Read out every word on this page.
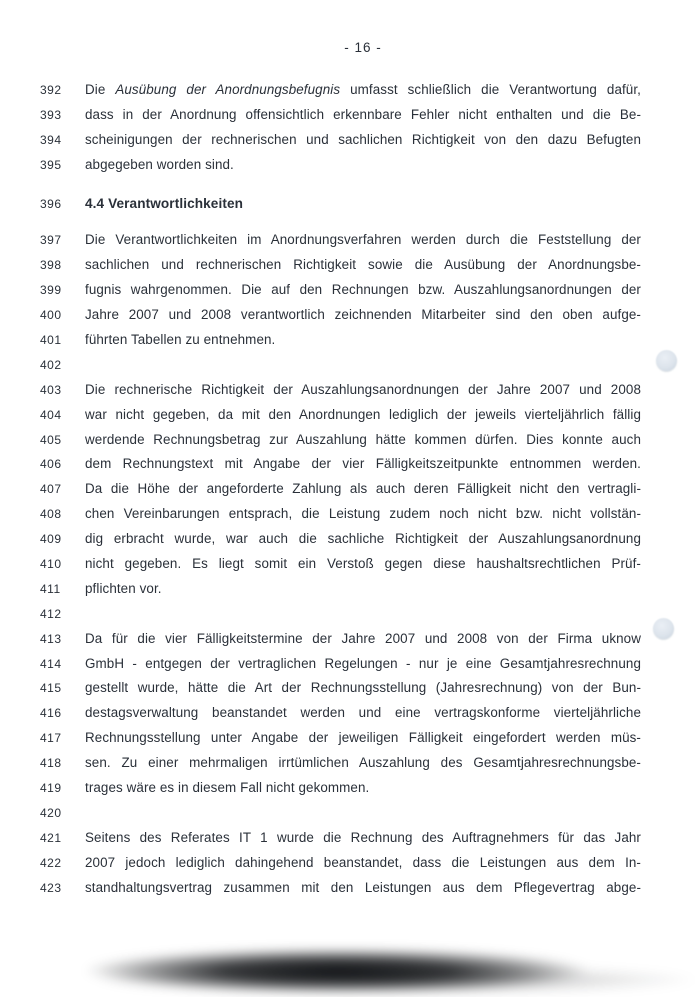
- 16 -
392	Die Ausübung der Anordnungsbefugnis umfasst schließlich die Verantwortung dafür,
393	dass in der Anordnung offensichtlich erkennbare Fehler nicht enthalten und die Be-
394	scheinigungen der rechnerischen und sachlichen Richtigkeit von den dazu Befugten
395	abgegeben worden sind.
396	4.4 Verantwortlichkeiten
397	Die Verantwortlichkeiten im Anordnungsverfahren werden durch die Feststellung der
398	sachlichen und rechnerischen Richtigkeit sowie die Ausübung der Anordnungsbe-
399	fugnis wahrgenommen. Die auf den Rechnungen bzw. Auszahlungsanordnungen der
400	Jahre 2007 und 2008 verantwortlich zeichnenden Mitarbeiter sind den oben aufge-
401	führten Tabellen zu entnehmen.
402
403	Die rechnerische Richtigkeit der Auszahlungsanordnungen der Jahre 2007 und 2008
404	war nicht gegeben, da mit den Anordnungen lediglich der jeweils vierteljährlich fällig
405	werdende Rechnungsbetrag zur Auszahlung hätte kommen dürfen. Dies konnte auch
406	dem Rechnungstext mit Angabe der vier Fälligkeitszeitpunkte entnommen werden.
407	Da die Höhe der angeforderte Zahlung als auch deren Fälligkeit nicht den vertragli-
408	chen Vereinbarungen entsprach, die Leistung zudem noch nicht bzw. nicht vollstän-
409	dig erbracht wurde, war auch die sachliche Richtigkeit der Auszahlungsanordnung
410	nicht gegeben. Es liegt somit ein Verstoß gegen diese haushaltsrechtlichen Prüf-
411	pflichten vor.
412
413	Da für die vier Fälligkeitstermine der Jahre 2007 und 2008 von der Firma uknow
414	GmbH - entgegen der vertraglichen Regelungen - nur je eine Gesamtjahresrechnung
415	gestellt wurde, hätte die Art der Rechnungsstellung (Jahresrechnung) von der Bun-
416	destagsverwaltung beanstandet werden und eine vertragskonforme vierteljährliche
417	Rechnungsstellung unter Angabe der jeweiligen Fälligkeit eingefordert werden müs-
418	sen. Zu einer mehrmaligen irrtümlichen Auszahlung des Gesamtjahresrechnungsbe-
419	trages wäre es in diesem Fall nicht gekommen.
420
421	Seitens des Referates IT 1 wurde die Rechnung des Auftragnehmers für das Jahr
422	2007 jedoch lediglich dahingehend beanstandet, dass die Leistungen aus dem In-
423	standhaltungsvertrag zusammen mit den Leistungen aus dem Pflegevertrag abge-
